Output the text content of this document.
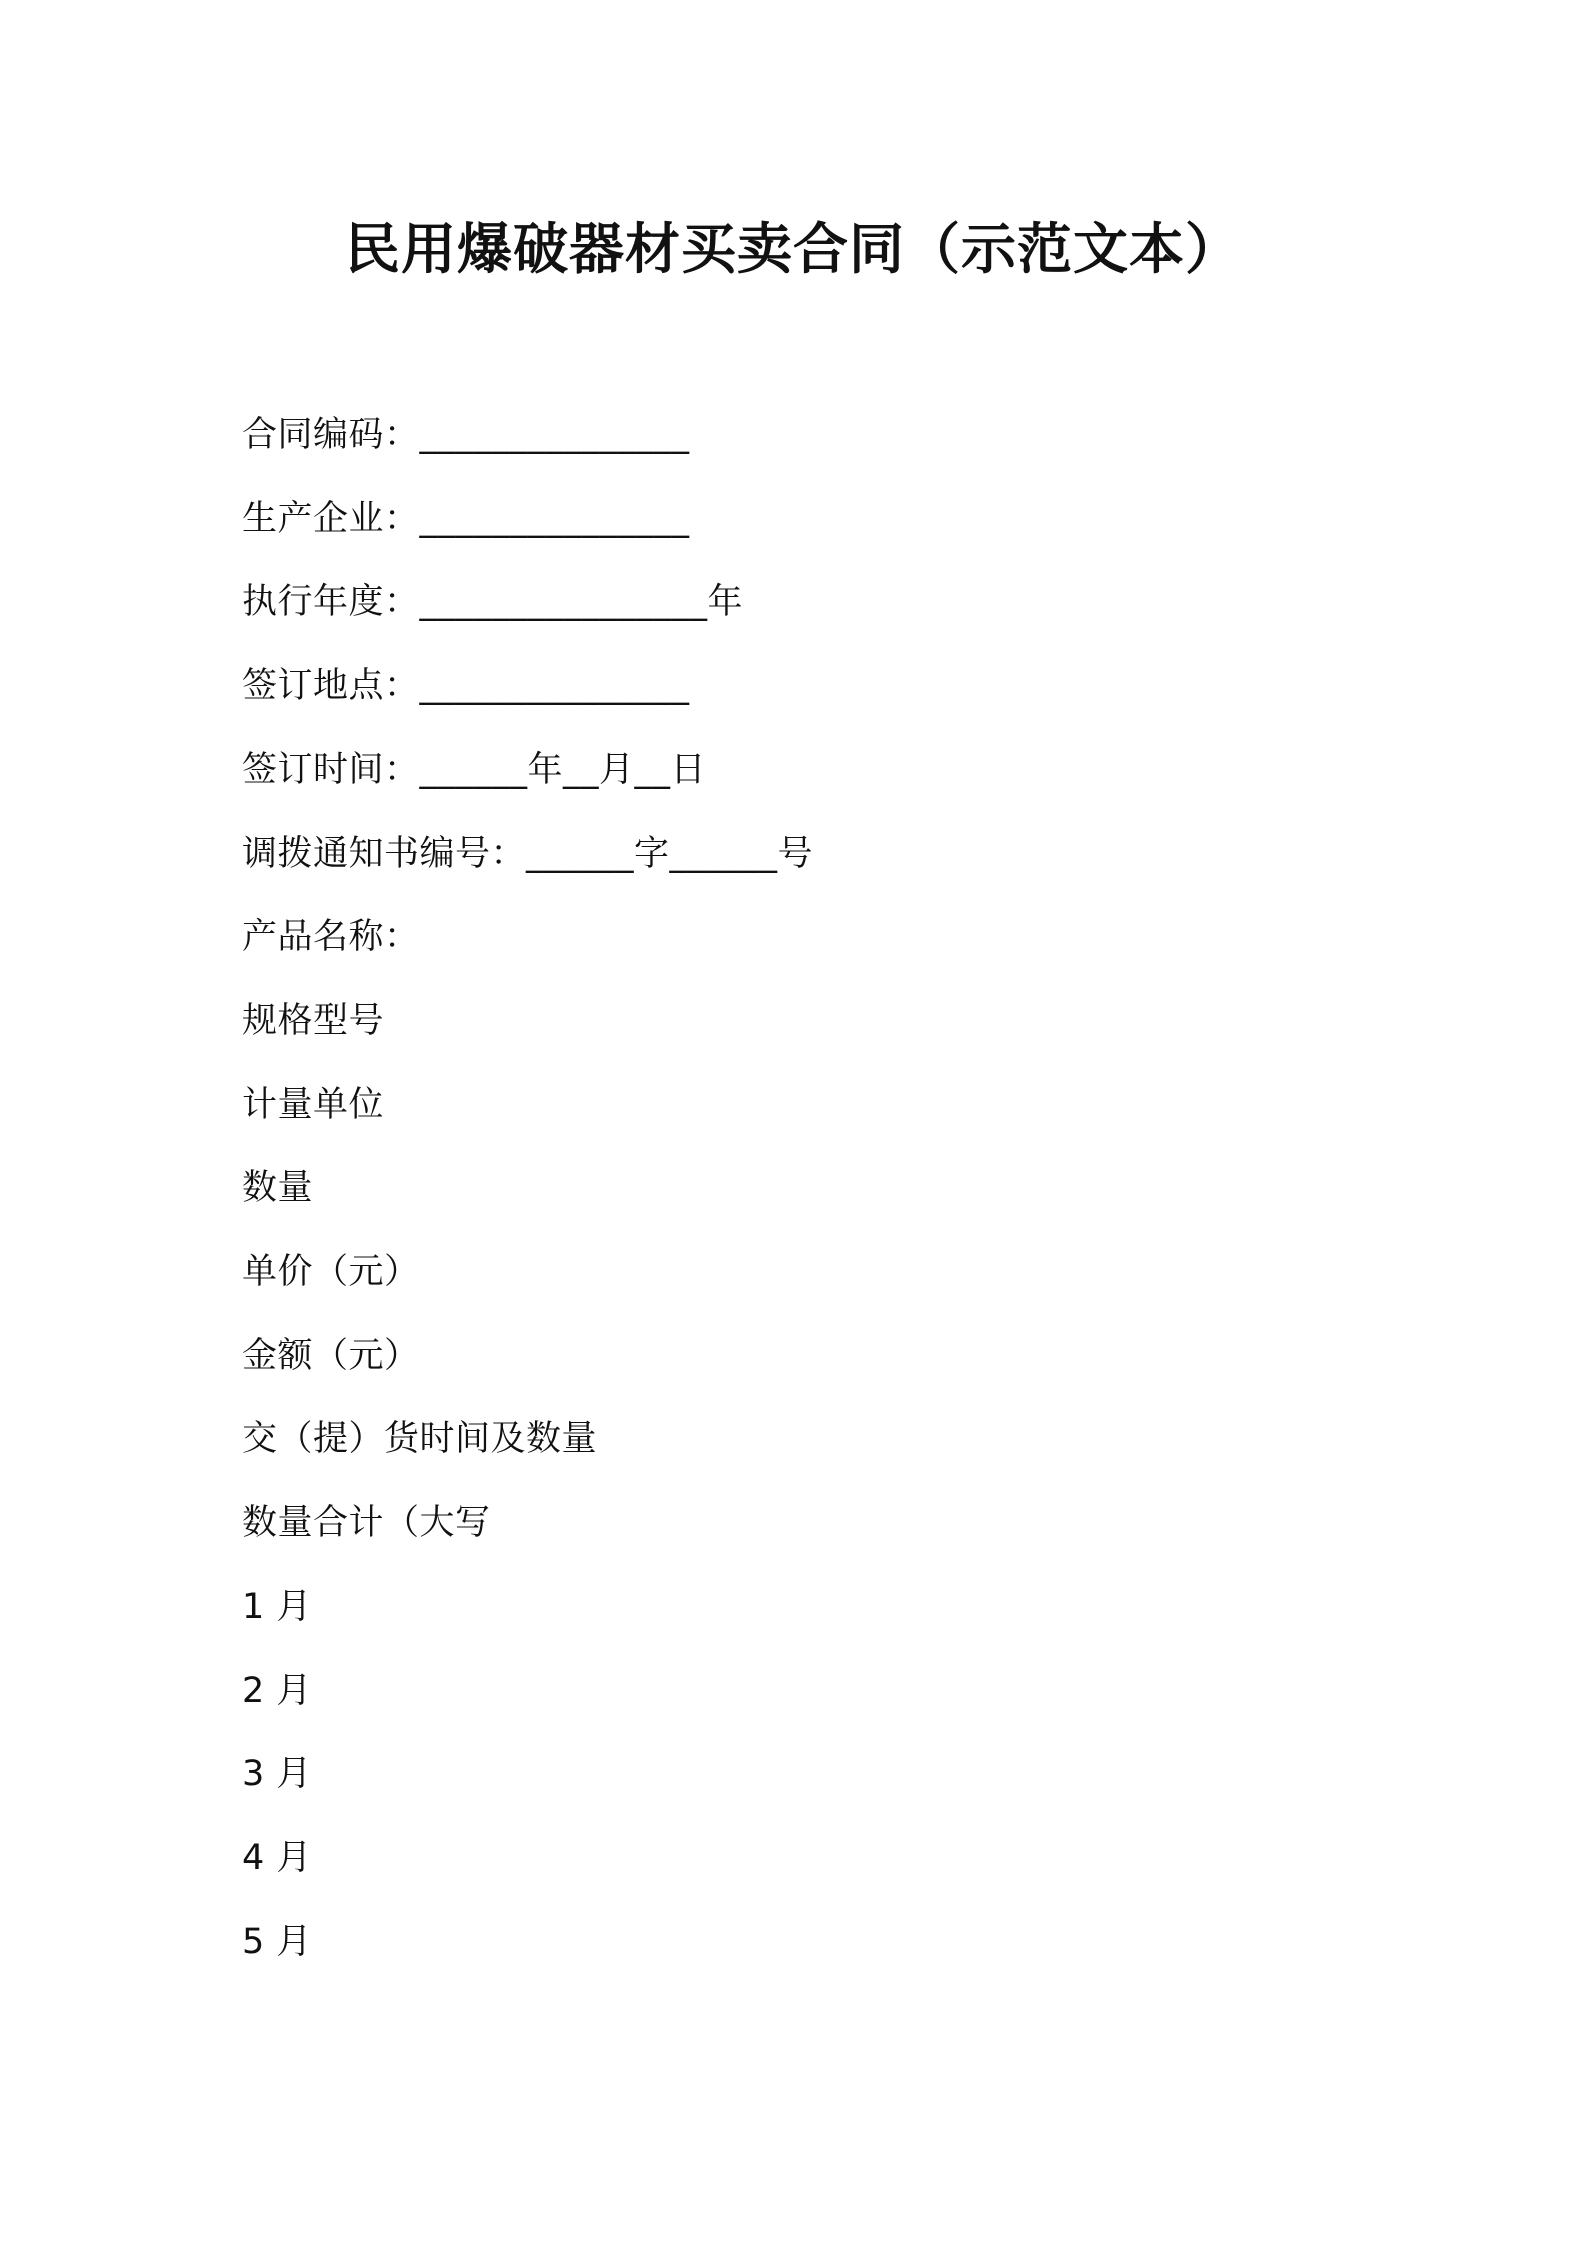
民用爆破器材买卖合同（示范文本）
合同编码：_______________
生产企业：_______________
执行年度：________________年
签订地点：_______________
签订时间：______年__月__日
调拨通知书编号：______字______号
产品名称：
规格型号
计量单位
数量
单价（元）
金额（元）
交（提）货时间及数量
数量合计（大写
1 月
2 月
3 月
4 月
5 月
